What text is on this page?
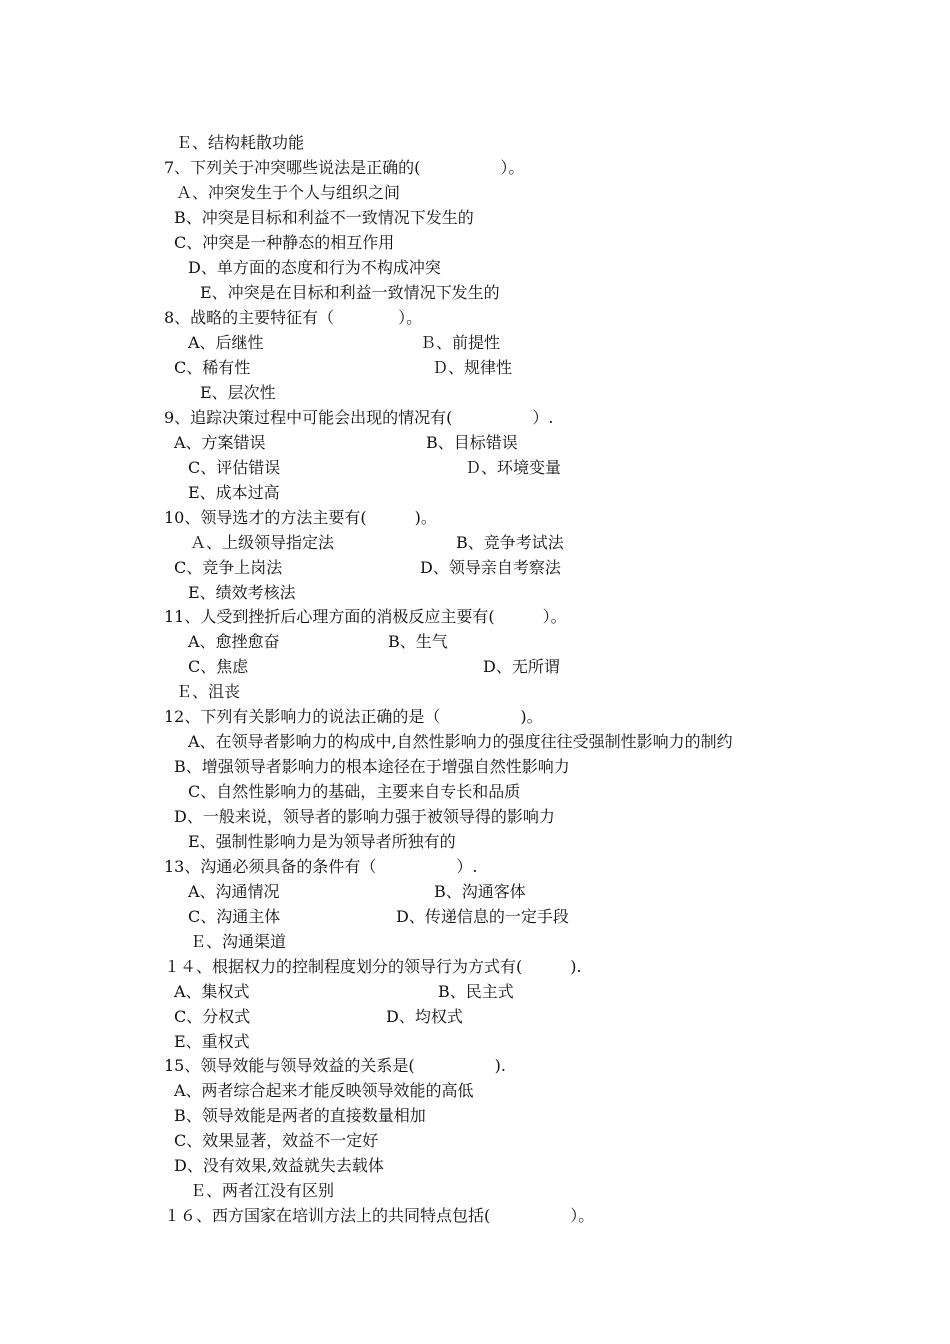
Ｅ、结构耗散功能
7、下列关于冲突哪些说法是正确的(　　　　　）。
Ａ、冲突发生于个人与组织之间
B、冲突是目标和利益不一致情况下发生的
C、冲突是一种静态的相互作用
D、单方面的态度和行为不构成冲突
E、冲突是在目标和利益一致情况下发生的
8、战略的主要特征有（　　　　）。
A、后继性	Ｂ、前提性
C、稀有性	Ｄ、规律性
E、层次性
9、追踪决策过程中可能会出现的情况有(　　　　　）.
A、方案错误	B、目标错误
C、评估错误	Ｄ、环境变量
E、成本过高
10、领导选才的方法主要有(　　　)。
Ａ、上级领导指定法	B、竞争考试法
C、竞争上岗法	D、领导亲自考察法
E、绩效考核法
11、人受到挫折后心理方面的消极反应主要有(　　　）。
A、愈挫愈奋	B、生气
C、焦虑	D、无所谓
Ｅ、沮丧
12、下列有关影响力的说法正确的是（　　　　　)。
A、在领导者影响力的构成中,自然性影响力的强度往往受强制性影响力的制约
B、增强领导者影响力的根本途径在于增强自然性影响力
C、自然性影响力的基础，主要来自专长和品质
D、一般来说，领导者的影响力强于被领导得的影响力
E、强制性影响力是为领导者所独有的
13、沟通必须具备的条件有（　　　　　）.
A、沟通情况	B、沟通客体
C、沟通主体	D、传递信息的一定手段
Ｅ、沟通渠道
１４、根据权力的控制程度划分的领导行为方式有(　　　).
A、集权式	B、民主式
C、分权式	D、均权式
E、重权式
15、领导效能与领导效益的关系是(　　　　　).
A、两者综合起来才能反映领导效能的高低
B、领导效能是两者的直接数量相加
C、效果显著，效益不一定好
D、没有效果,效益就失去载体
Ｅ、两者江没有区别
１６、西方国家在培训方法上的共同特点包括(　　　　　）。
